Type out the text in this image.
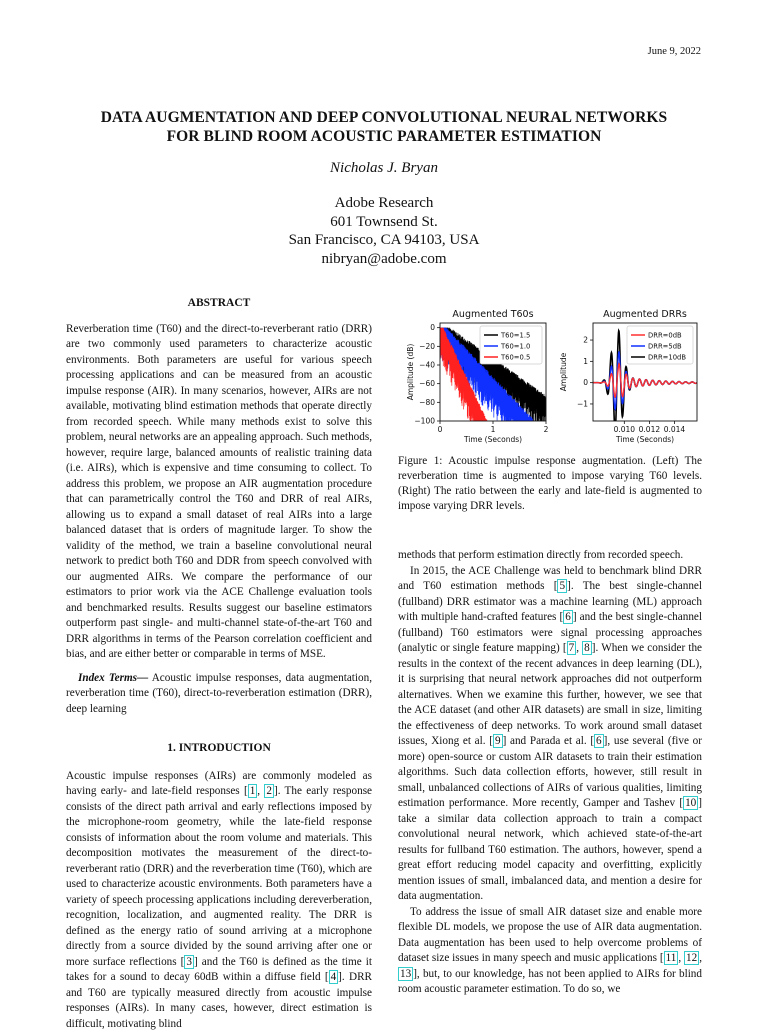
June 9, 2022
DATA AUGMENTATION AND DEEP CONVOLUTIONAL NEURAL NETWORKS
FOR BLIND ROOM ACOUSTIC PARAMETER ESTIMATION
Nicholas J. Bryan
Adobe Research
601 Townsend St.
San Francisco, CA 94103, USA
nibryan@adobe.com
ABSTRACT

Reverberation time (T60) and the direct-to-reverberant ratio (DRR) are two commonly used parameters to characterize acoustic environments. Both parameters are useful for various speech processing applications and can be measured from an acoustic impulse response (AIR). In many scenarios, however, AIRs are not available, motivating blind estimation methods that operate directly from recorded speech. While many methods exist to solve this problem, neural networks are an appealing approach. Such methods, however, require large, balanced amounts of realistic training data (i.e. AIRs), which is expensive and time consuming to collect. To address this problem, we propose an AIR augmentation procedure that can parametrically control the T60 and DRR of real AIRs, allowing us to expand a small dataset of real AIRs into a large balanced dataset that is orders of magnitude larger. To show the validity of the method, we train a baseline convolutional neural network to predict both T60 and DDR from speech convolved with our augmented AIRs. We compare the performance of our estimators to prior work via the ACE Challenge evaluation tools and benchmarked results. Results suggest our baseline estimators outperform past single- and multi-channel state-of-the-art T60 and DRR algorithms in terms of the Pearson correlation coefficient and bias, and are either better or comparable in terms of MSE.

Index Terms— Acoustic impulse responses, data augmentation, reverberation time (T60), direct-to-reverberation estimation (DRR), deep learning

1. INTRODUCTION

Acoustic impulse responses (AIRs) are commonly modeled as having early- and late-field responses [ 1 , 2 ]. The early response consists of the direct path arrival and early reflections imposed by the microphone-room geometry, while the late-field response consists of information about the room volume and materials. This decomposition motivates the measurement of the direct-to-reverberant ratio (DRR) and the reverberation time (T60), which are used to characterize acoustic environments. Both parameters have a variety of speech processing applications including dereverberation, recognition, localization, and augmented reality. The DRR is defined as the energy ratio of sound arriving at a microphone directly from a source divided by the sound arriving after one or more surface reflections [ 3 ] and the T60 is defined as the time it takes for a sound to decay 60dB within a diffuse field [ 4 ]. DRR and T60 are typically measured directly from acoustic impulse responses (AIRs). In many cases, however, direct estimation is difficult, motivating blind

Augmented T60s
Time (Seconds)
Amplitude (dB)
0	1	2
0
−20
−40
−60
−80
−100
T60=1.5
T60=1.0
T60=0.5
Augmented DRRs
Time (Seconds)
Amplitude
0.010 0.012 0.014
2
1
0
−1
DRR=0dB
DRR=5dB
DRR=10dB

Figure 1: Acoustic impulse response augmentation. (Left) The reverberation time is augmented to impose varying T60 levels. (Right) The ratio between the early and late-field is augmented to impose varying DRR levels.

methods that perform estimation directly from recorded speech.

In 2015, the ACE Challenge was held to benchmark blind DRR and T60 estimation methods [ 5 ]. The best single-channel (fullband) DRR estimator was a machine learning (ML) approach with multiple hand-crafted features [ 6 ] and the best single-channel (fullband) T60 estimators were signal processing approaches (analytic or single feature mapping) [ 7 , 8 ]. When we consider the results in the context of the recent advances in deep learning (DL), it is surprising that neural network approaches did not outperform alternatives. When we examine this further, however, we see that the ACE dataset (and other AIR datasets) are small in size, limiting the effectiveness of deep networks. To work around small dataset issues, Xiong et al. [ 9 ] and Parada et al. [ 6 ], use several (five or more) open-source or custom AIR datasets to train their estimation algorithms. Such data collection efforts, however, still result in small, unbalanced collections of AIRs of various qualities, limiting estimation performance. More recently, Gamper and Tashev [ 10 ] take a similar data collection approach to train a compact convolutional neural network, which achieved state-of-the-art results for fullband T60 estimation. The authors, however, spend a great effort reducing model capacity and overfitting, explicitly mention issues of small, imbalanced data, and mention a desire for data augmentation.

To address the issue of small AIR dataset size and enable more flexible DL models, we propose the use of AIR data augmentation. Data augmentation has been used to help overcome problems of dataset size issues in many speech and music applications [ 11 , 12 , 13 ], but, to our knowledge, has not been applied to AIRs for blind room acoustic parameter estimation. To do so, we
